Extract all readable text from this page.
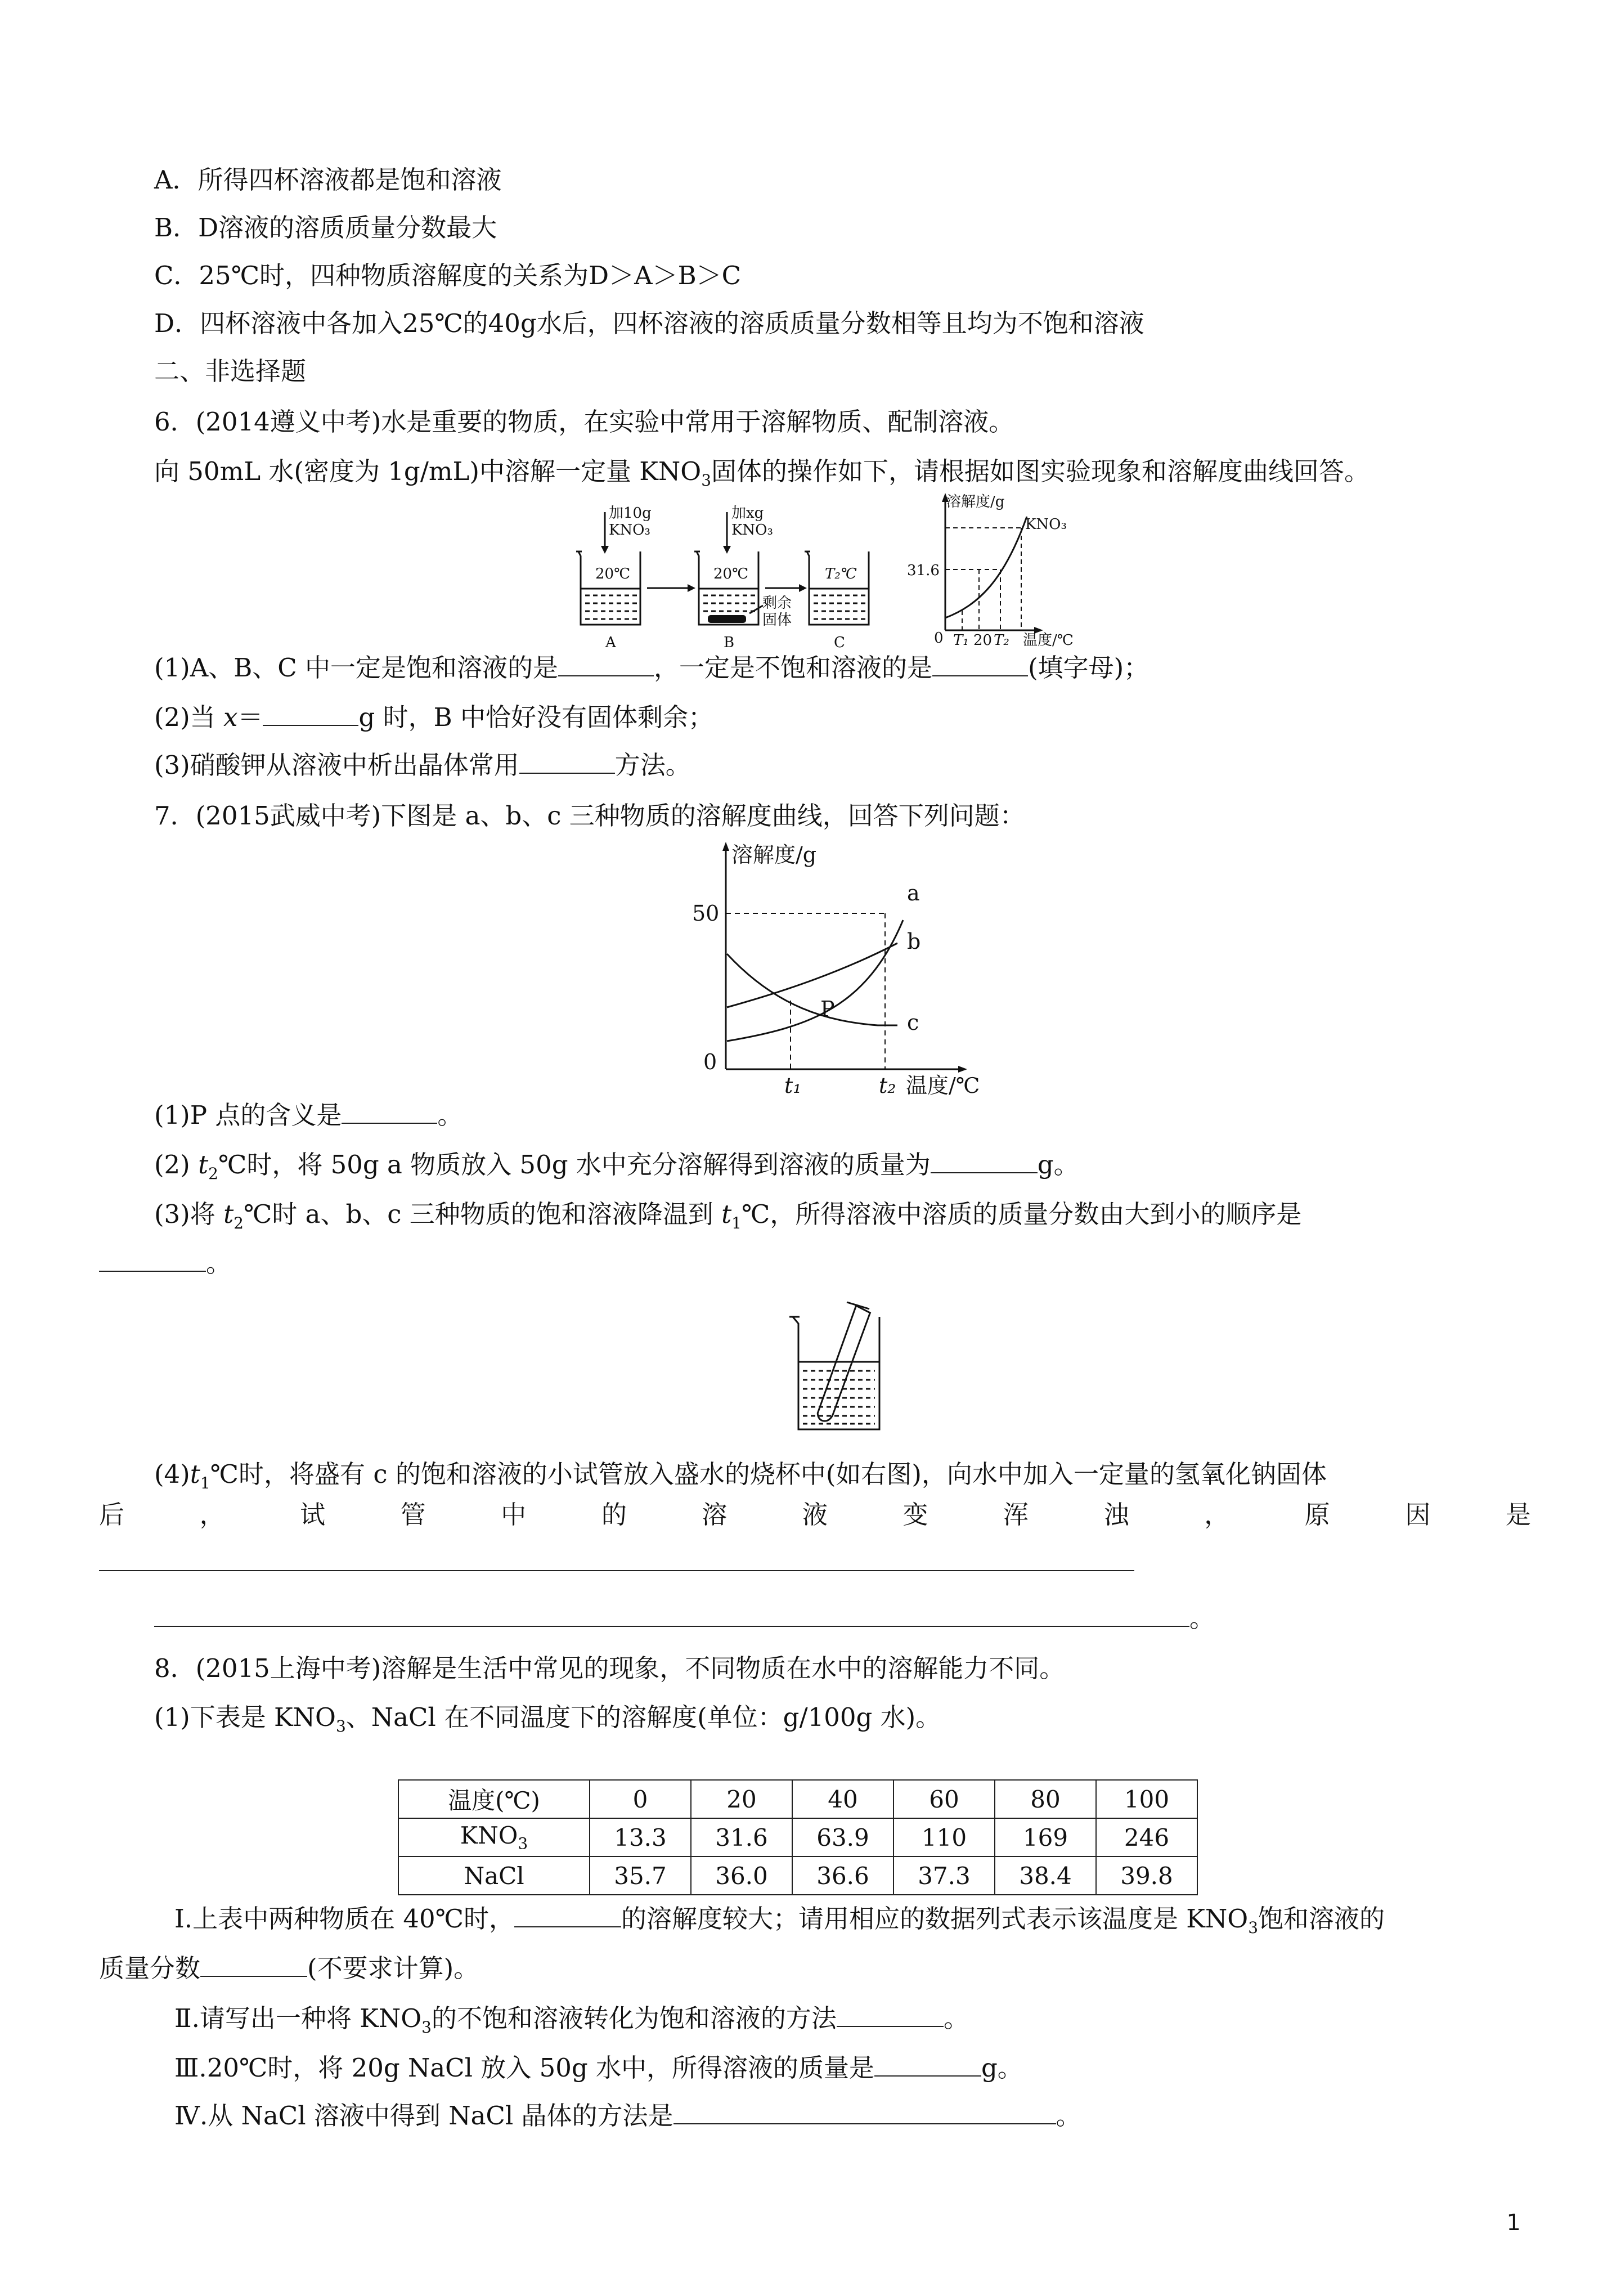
A．所得四杯溶液都是饱和溶液
B．D溶液的溶质质量分数最大
C．25℃时，四种物质溶解度的关系为D＞A＞B＞C
D．四杯溶液中各加入25℃的40g水后，四杯溶液的溶质质量分数相等且均为不饱和溶液
二、非选择题
6．(2014遵义中考)水是重要的物质，在实验中常用于溶解物质、配制溶液。
向 50mL 水(密度为 1g/mL)中溶解一定量 $KNO_3$固体的操作如下，请根据如图实验现象和溶解度曲线回答。
加10g
KNO₃
加xg
KNO₃
20℃	20℃	T₂℃
剩余
固体
A	B	C
溶解度/g
31.6
KNO₃
0 T₁ 20 T₂ 温度/℃
(1)A、B、C 中一定是饱和溶液的是	，一定是不饱和溶液的是	(填字母)；
(2)当 x＝	g 时，B 中恰好没有固体剩余；
(3)硝酸钾从溶液中析出晶体常用	方法。
7．(2015武威中考)下图是 a、b、c 三种物质的溶解度曲线，回答下列问题：
溶解度/g
50
0
a
b
c
P
t₁	t₂ 温度/℃
(1)P 点的含义是	。
(2) $t_2℃$时，将 50g a 物质放入 50g 水中充分溶解得到溶液的质量为	g。
(3)将 $t_2℃$时 a、b、c 三种物质的饱和溶液降温到 $t_1℃$，所得溶液中溶质的质量分数由大到小的顺序是
。
$(4)t_1℃$时，将盛有 c 的饱和溶液的小试管放入盛水的烧杯中(如右图)，向水中加入一定量的氢氧化钠固体
后	，	试	管	中	的	溶	液	变	浑	浊	，	原	因	是
。
8．(2015上海中考)溶解是生活中常见的现象，不同物质在水中的溶解能力不同。
(1)下表是 $KNO_3$、NaCl 在不同温度下的溶解度(单位：g/100g 水)。
温度(℃)	0	20	40	60	80	100
$KNO_3$	13.3	31.6	63.9	110	169	246
NaCl	35.7	36.0	36.6	37.3	38.4	39.8
Ⅰ.上表中两种物质在 40℃时，	的溶解度较大；请用相应的数据列式表示该温度是 $KNO_3$饱和溶液的
质量分数	(不要求计算)。
Ⅱ.请写出一种将 $KNO_3$的不饱和溶液转化为饱和溶液的方法	。
Ⅲ.20℃时，将 20g NaCl 放入 50g 水中，所得溶液的质量是	g。
Ⅳ.从 NaCl 溶液中得到 NaCl 晶体的方法是	。
1
